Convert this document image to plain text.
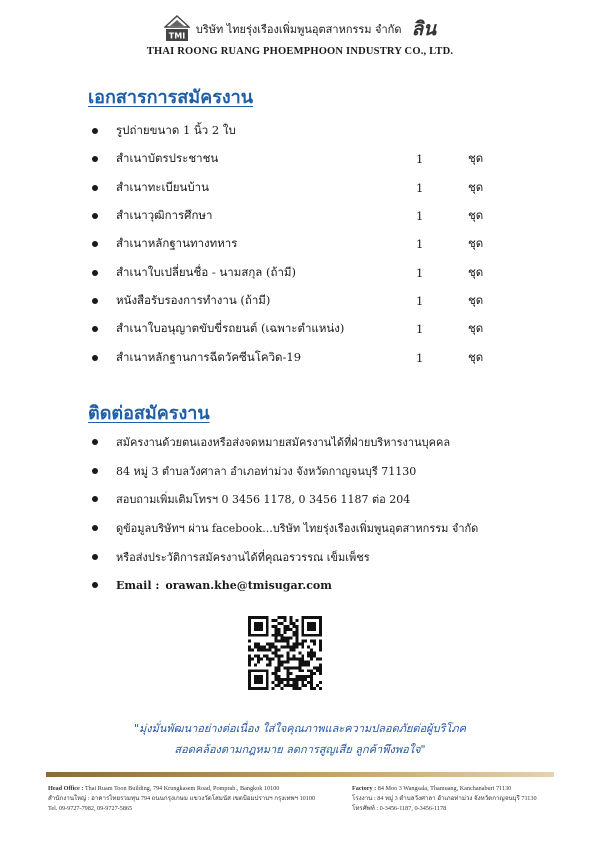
TMI บริษัท ไทยรุ่งเรืองเพิ่มพูนอุตสาหกรรม จำกัด ลิน
THAI ROONG RUANG PHOEMPHOON INDUSTRY CO., LTD.
เอกสารการสมัครงาน
รูปถ่ายขนาด 1 นิ้ว 2 ใบ
สำเนาบัตรประชาชน	1	ชุด
สำเนาทะเบียนบ้าน	1	ชุด
สำเนาวุฒิการศึกษา	1	ชุด
สำเนาหลักฐานทางทหาร	1	ชุด
สำเนาใบเปลี่ยนชื่อ - นามสกุล (ถ้ามี)	1	ชุด
หนังสือรับรองการทำงาน (ถ้ามี)	1	ชุด
สำเนาใบอนุญาตขับขี่รถยนต์ (เฉพาะตำแหน่ง)	1	ชุด
สำเนาหลักฐานการฉีดวัคซีนโควิด-19	1	ชุด
ติดต่อสมัครงาน
สมัครงานด้วยตนเองหรือส่งจดหมายสมัครงานได้ที่ฝ่ายบริหารงานบุคคล
84 หมู่ 3 ตำบลวังศาลา อำเภอท่าม่วง จังหวัดกาญจนบุรี 71130
สอบถามเพิ่มเติมโทรฯ 0 3456 1178, 0 3456 1187 ต่อ 204
ดูข้อมูลบริษัทฯ ผ่าน facebook...บริษัท ไทยรุ่งเรืองเพิ่มพูนอุตสาหกรรม จำกัด
หรือส่งประวัติการสมัครงานได้ที่คุณอรวรรณ เข็มเพ็ชร
Email : orawan.khe@tmisugar.com
"มุ่งมั่นพัฒนาอย่างต่อเนื่อง ใส่ใจคุณภาพและความปลอดภัยต่อผู้บริโภค
สอดคล้องตามกฎหมาย ลดการสูญเสีย ลูกค้าพึงพอใจ"
Head Office : Thai Ruam Toon Building, 794 Krungkasem Road, Pomprab., Bangkok 10100
สำนักงานใหญ่ : อาคารไทยรวมทุน 794 ถนนกรุงเกษม แขวงวัดโสมนัส เขตป้อมปราบฯ กรุงเทพฯ 10100
Tel. 09-9727-7982, 09-9727-5865
Factory : 84 Moo 3 Wangsala, Thamuang, Kanchanaburi 71130
โรงงาน : 84 หมู่ 3 ตำบลวังศาลา อำเภอท่าม่วง จังหวัดกาญจนบุรี 71130
โทรศัพท์ : 0-3456-1187, 0-3456-1178
